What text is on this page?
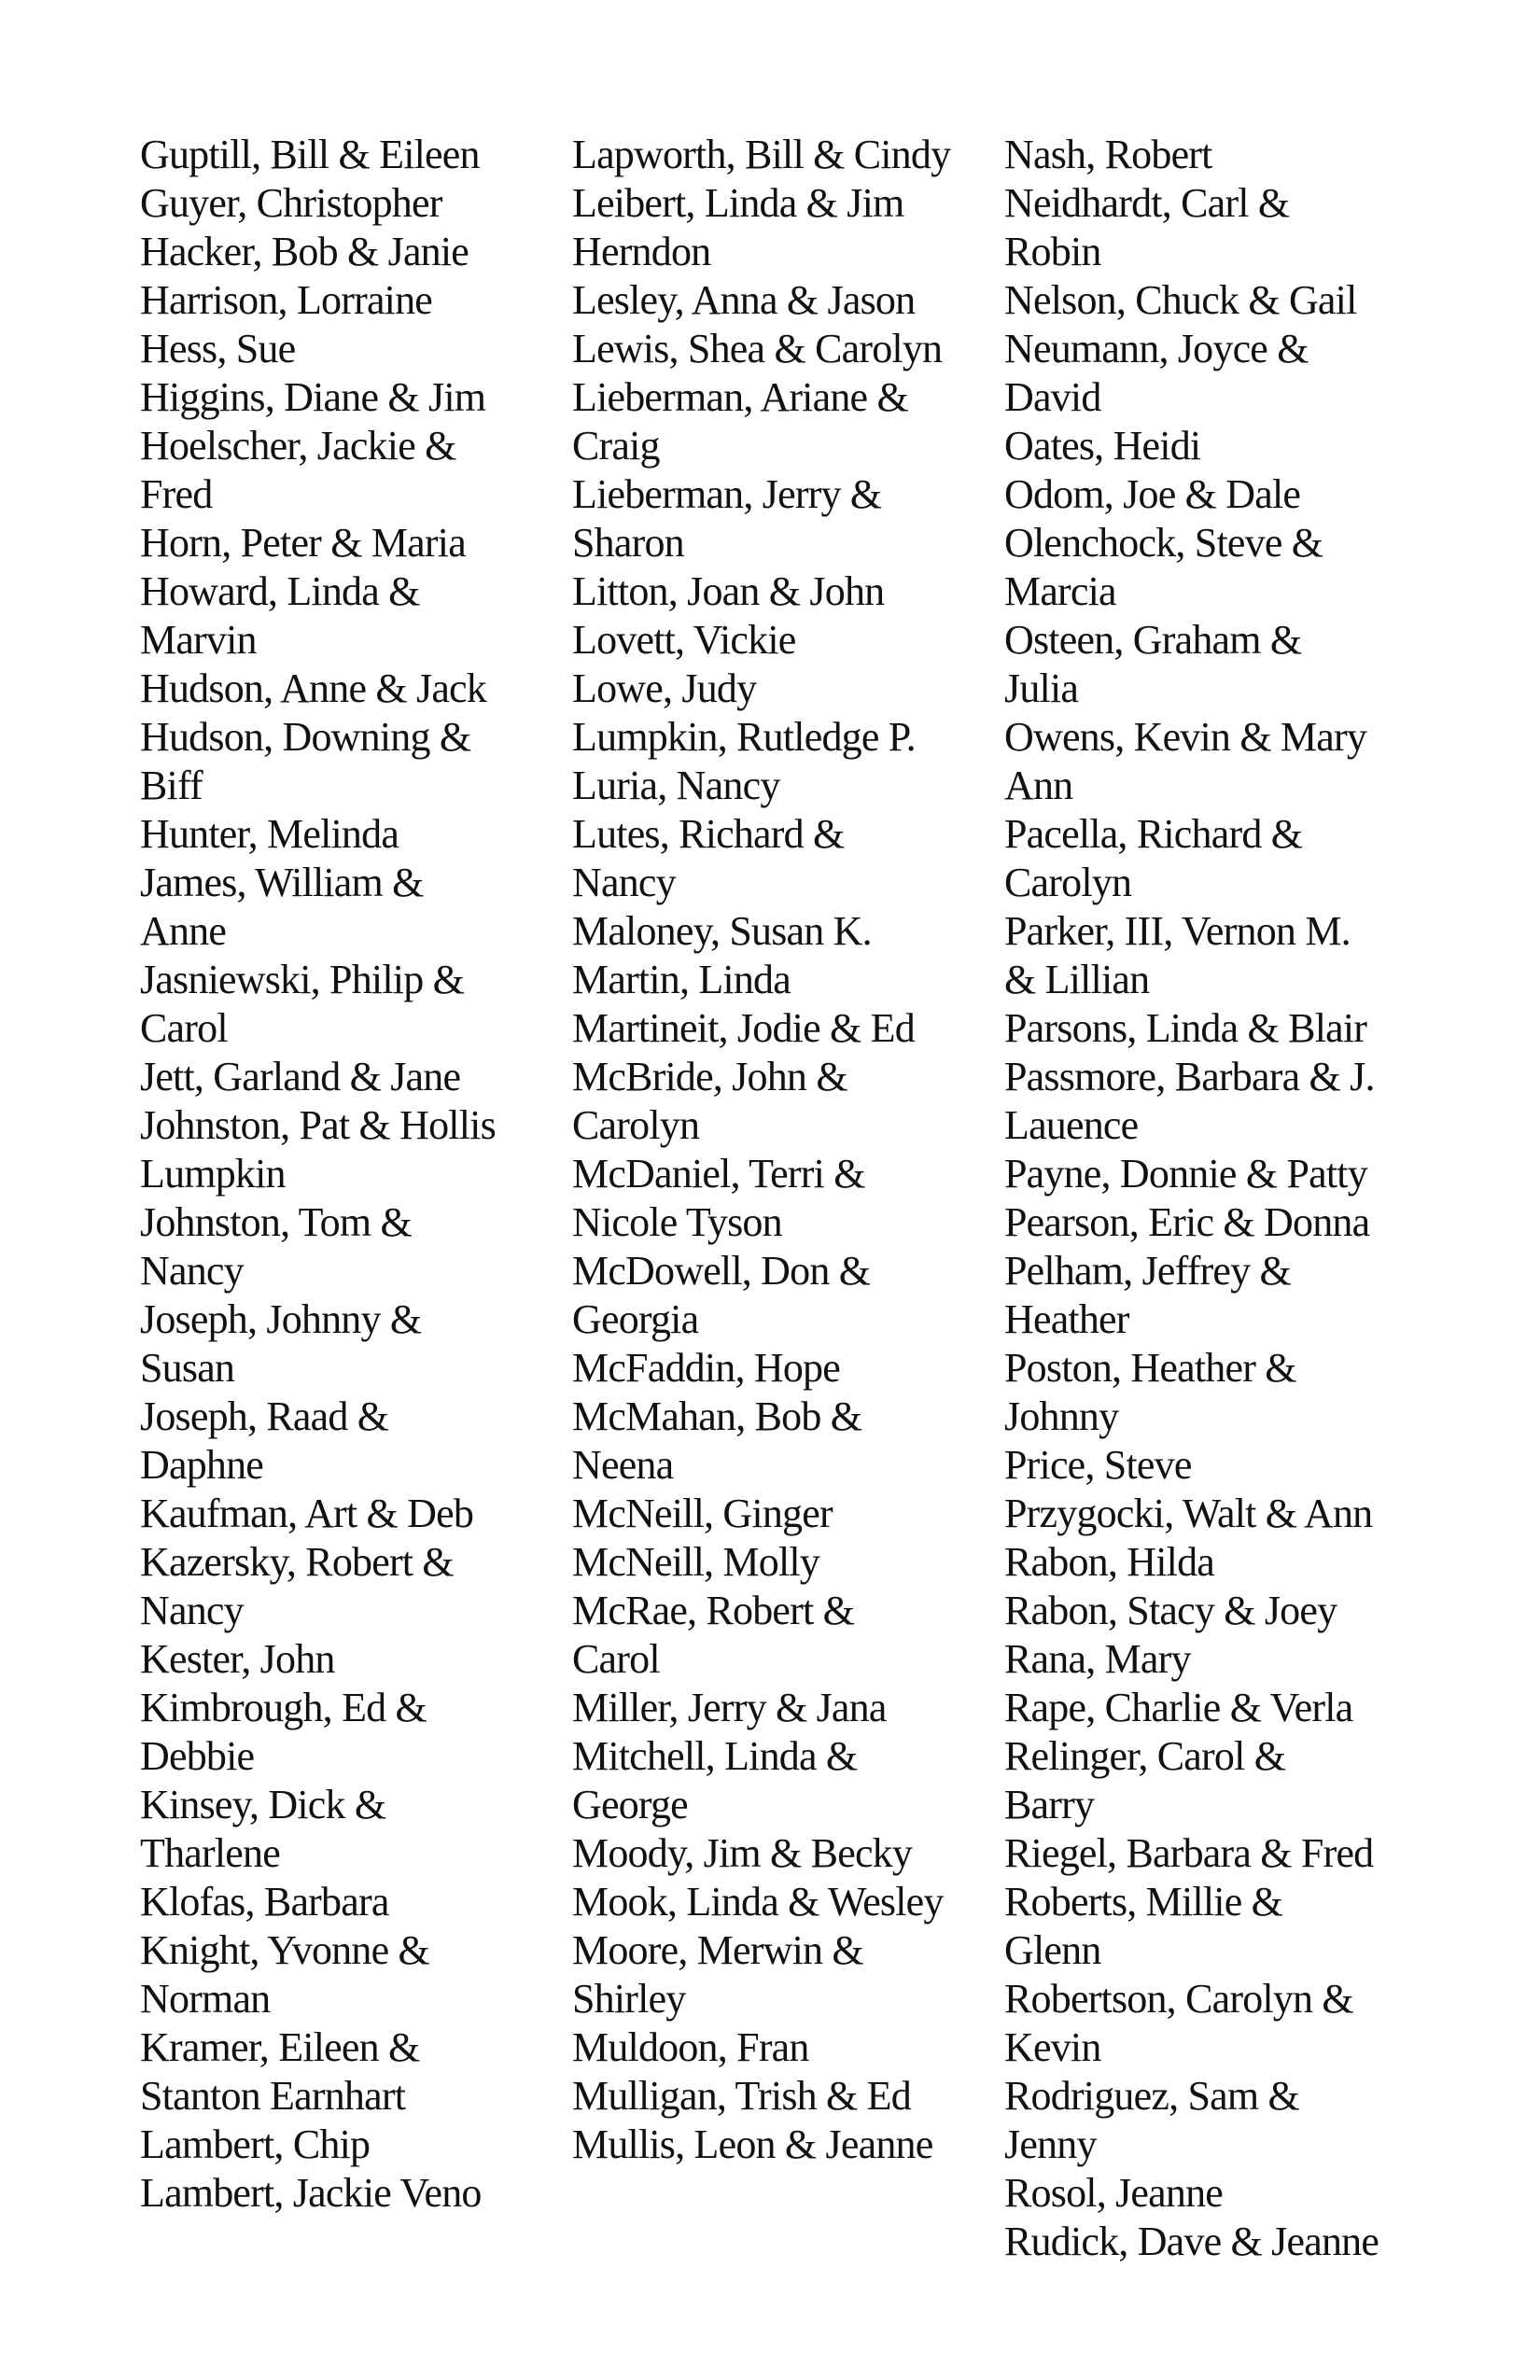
Guptill, Bill & Eileen
Guyer, Christopher
Hacker, Bob & Janie
Harrison, Lorraine
Hess, Sue
Higgins, Diane & Jim
Hoelscher, Jackie &
Fred
Horn, Peter & Maria
Howard, Linda &
Marvin
Hudson, Anne & Jack
Hudson, Downing &
Biff
Hunter, Melinda
James, William &
Anne
Jasniewski, Philip &
Carol
Jett, Garland & Jane
Johnston, Pat & Hollis
Lumpkin
Johnston, Tom &
Nancy
Joseph, Johnny &
Susan
Joseph, Raad &
Daphne
Kaufman, Art & Deb
Kazersky, Robert &
Nancy
Kester, John
Kimbrough, Ed &
Debbie
Kinsey, Dick &
Tharlene
Klofas, Barbara
Knight, Yvonne &
Norman
Kramer, Eileen &
Stanton Earnhart
Lambert, Chip
Lambert, Jackie Veno
Lapworth, Bill & Cindy
Leibert, Linda & Jim
Herndon
Lesley, Anna & Jason
Lewis, Shea & Carolyn
Lieberman, Ariane &
Craig
Lieberman, Jerry &
Sharon
Litton, Joan & John
Lovett, Vickie
Lowe, Judy
Lumpkin, Rutledge P.
Luria, Nancy
Lutes, Richard &
Nancy
Maloney, Susan K.
Martin, Linda
Martineit, Jodie & Ed
McBride, John &
Carolyn
McDaniel, Terri &
Nicole Tyson
McDowell, Don &
Georgia
McFaddin, Hope
McMahan, Bob &
Neena
McNeill, Ginger
McNeill, Molly
McRae, Robert &
Carol
Miller, Jerry & Jana
Mitchell, Linda &
George
Moody, Jim & Becky
Mook, Linda & Wesley
Moore, Merwin &
Shirley
Muldoon, Fran
Mulligan, Trish & Ed
Mullis, Leon & Jeanne
Nash, Robert
Neidhardt, Carl &
Robin
Nelson, Chuck & Gail
Neumann, Joyce &
David
Oates, Heidi
Odom, Joe & Dale
Olenchock, Steve &
Marcia
Osteen, Graham &
Julia
Owens, Kevin & Mary
Ann
Pacella, Richard &
Carolyn
Parker, III, Vernon M.
& Lillian
Parsons, Linda & Blair
Passmore, Barbara & J.
Lauence
Payne, Donnie & Patty
Pearson, Eric & Donna
Pelham, Jeffrey &
Heather
Poston, Heather &
Johnny
Price, Steve
Przygocki, Walt & Ann
Rabon, Hilda
Rabon, Stacy & Joey
Rana, Mary
Rape, Charlie & Verla
Relinger, Carol &
Barry
Riegel, Barbara & Fred
Roberts, Millie &
Glenn
Robertson, Carolyn &
Kevin
Rodriguez, Sam &
Jenny
Rosol, Jeanne
Rudick, Dave & Jeanne
